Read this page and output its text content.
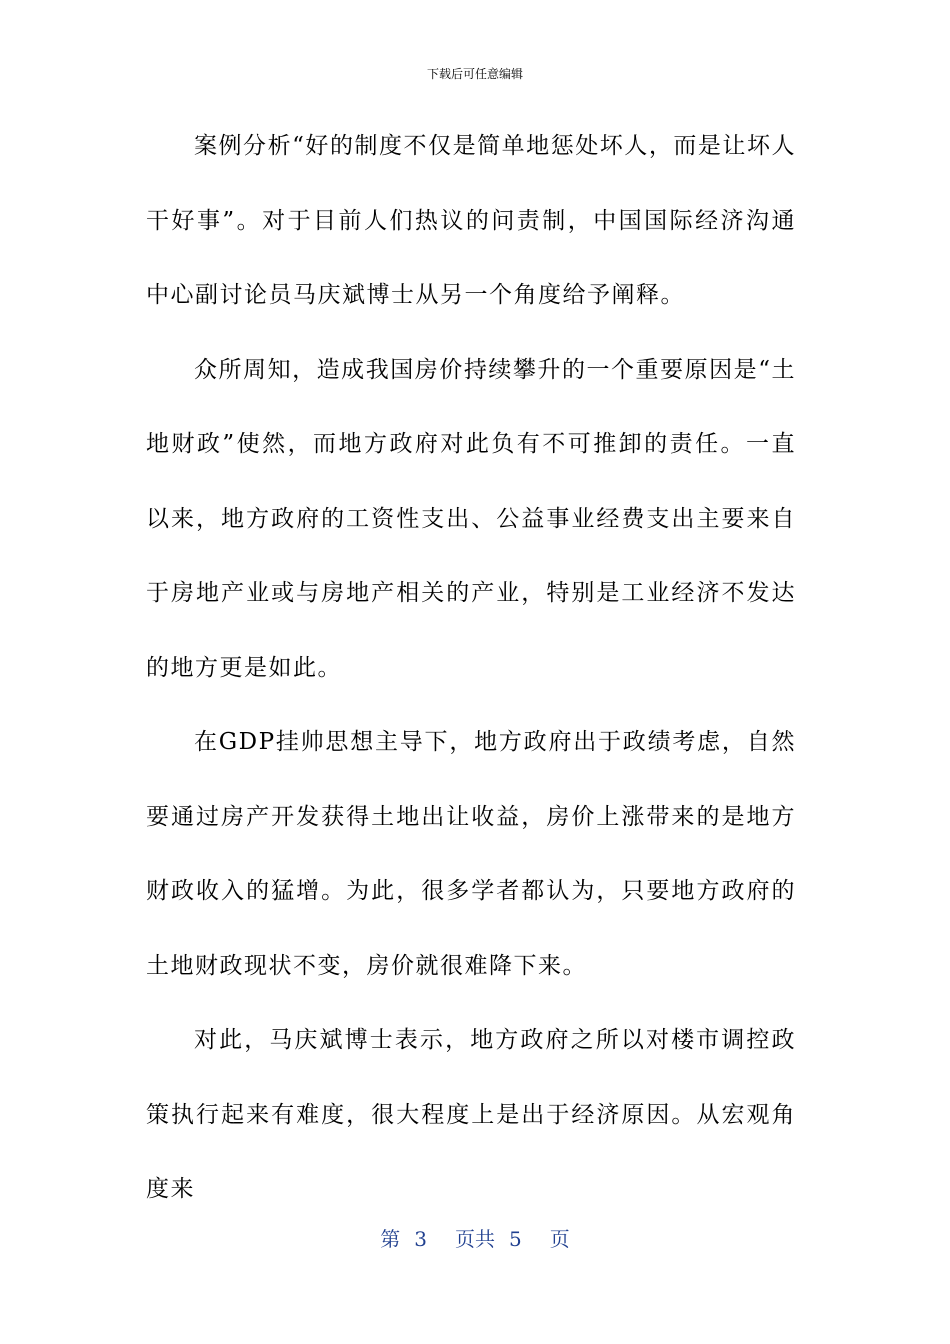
下载后可任意编辑

案例分析“好的制度不仅是简单地惩处坏人，而是让坏人干好事”。对于目前人们热议的问责制，中国国际经济沟通中心副讨论员马庆斌博士从另一个角度给予阐释。

众所周知，造成我国房价持续攀升的一个重要原因是“土地财政”使然，而地方政府对此负有不可推卸的责任。一直以来，地方政府的工资性支出、公益事业经费支出主要来自于房地产业或与房地产相关的产业，特别是工业经济不发达的地方更是如此。

在GDP挂帅思想主导下，地方政府出于政绩考虑，自然要通过房产开发获得土地出让收益，房价上涨带来的是地方财政收入的猛增。为此，很多学者都认为，只要地方政府的土地财政现状不变，房价就很难降下来。

对此，马庆斌博士表示，地方政府之所以对楼市调控政策执行起来有难度，很大程度上是出于经济原因。从宏观角度来

第 3 页共 5 页
